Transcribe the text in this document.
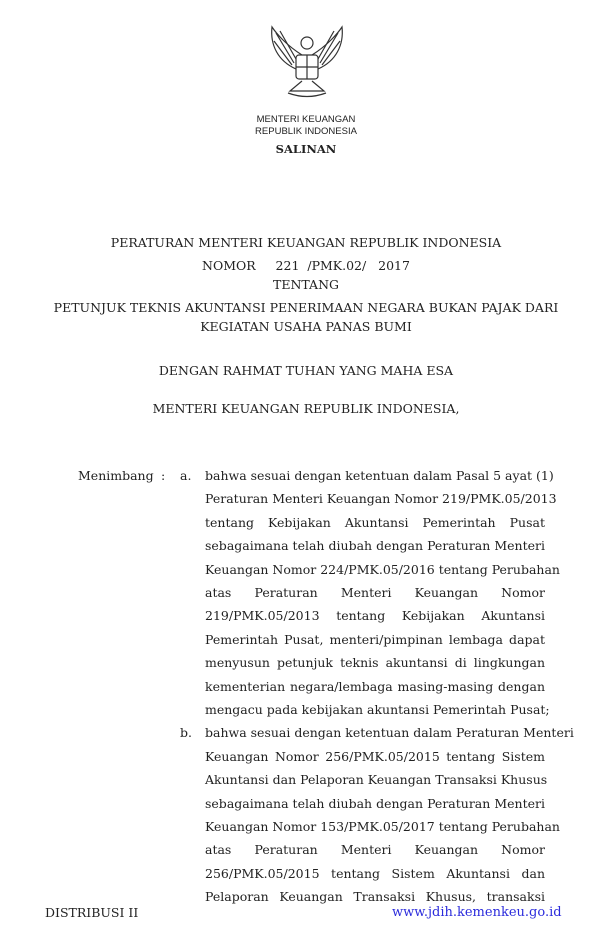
MENTERI KEUANGAN
REPUBLIK INDONESIA
SALINAN
PERATURAN MENTERI KEUANGAN REPUBLIK INDONESIA
NOMOR     221  /PMK.02/   2017
TENTANG
PETUNJUK TEKNIS AKUNTANSI PENERIMAAN NEGARA BUKAN PAJAK DARI
KEGIATAN USAHA PANAS BUMI
DENGAN RAHMAT TUHAN YANG MAHA ESA
MENTERI KEUANGAN REPUBLIK INDONESIA,
Menimbang : a. bahwa sesuai dengan ketentuan dalam Pasal 5 ayat (1)
Peraturan Menteri Keuangan Nomor 219/PMK.05/2013
tentang Kebijakan Akuntansi Pemerintah Pusat
sebagaimana telah diubah dengan Peraturan Menteri
Keuangan Nomor 224/PMK.05/2016 tentang Perubahan
atas Peraturan Menteri Keuangan Nomor
219/PMK.05/2013 tentang Kebijakan Akuntansi
Pemerintah Pusat, menteri/pimpinan lembaga dapat
menyusun petunjuk teknis akuntansi di lingkungan
kementerian negara/lembaga masing-masing dengan
mengacu pada kebijakan akuntansi Pemerintah Pusat;
b. bahwa sesuai dengan ketentuan dalam Peraturan Menteri
Keuangan Nomor 256/PMK.05/2015 tentang Sistem
Akuntansi dan Pelaporan Keuangan Transaksi Khusus
sebagaimana telah diubah dengan Peraturan Menteri
Keuangan Nomor 153/PMK.05/2017 tentang Perubahan
atas Peraturan Menteri Keuangan Nomor
256/PMK.05/2015 tentang Sistem Akuntansi dan
Pelaporan Keuangan Transaksi Khusus, transaksi
DISTRIBUSI II	www.jdih.kemenkeu.go.id
